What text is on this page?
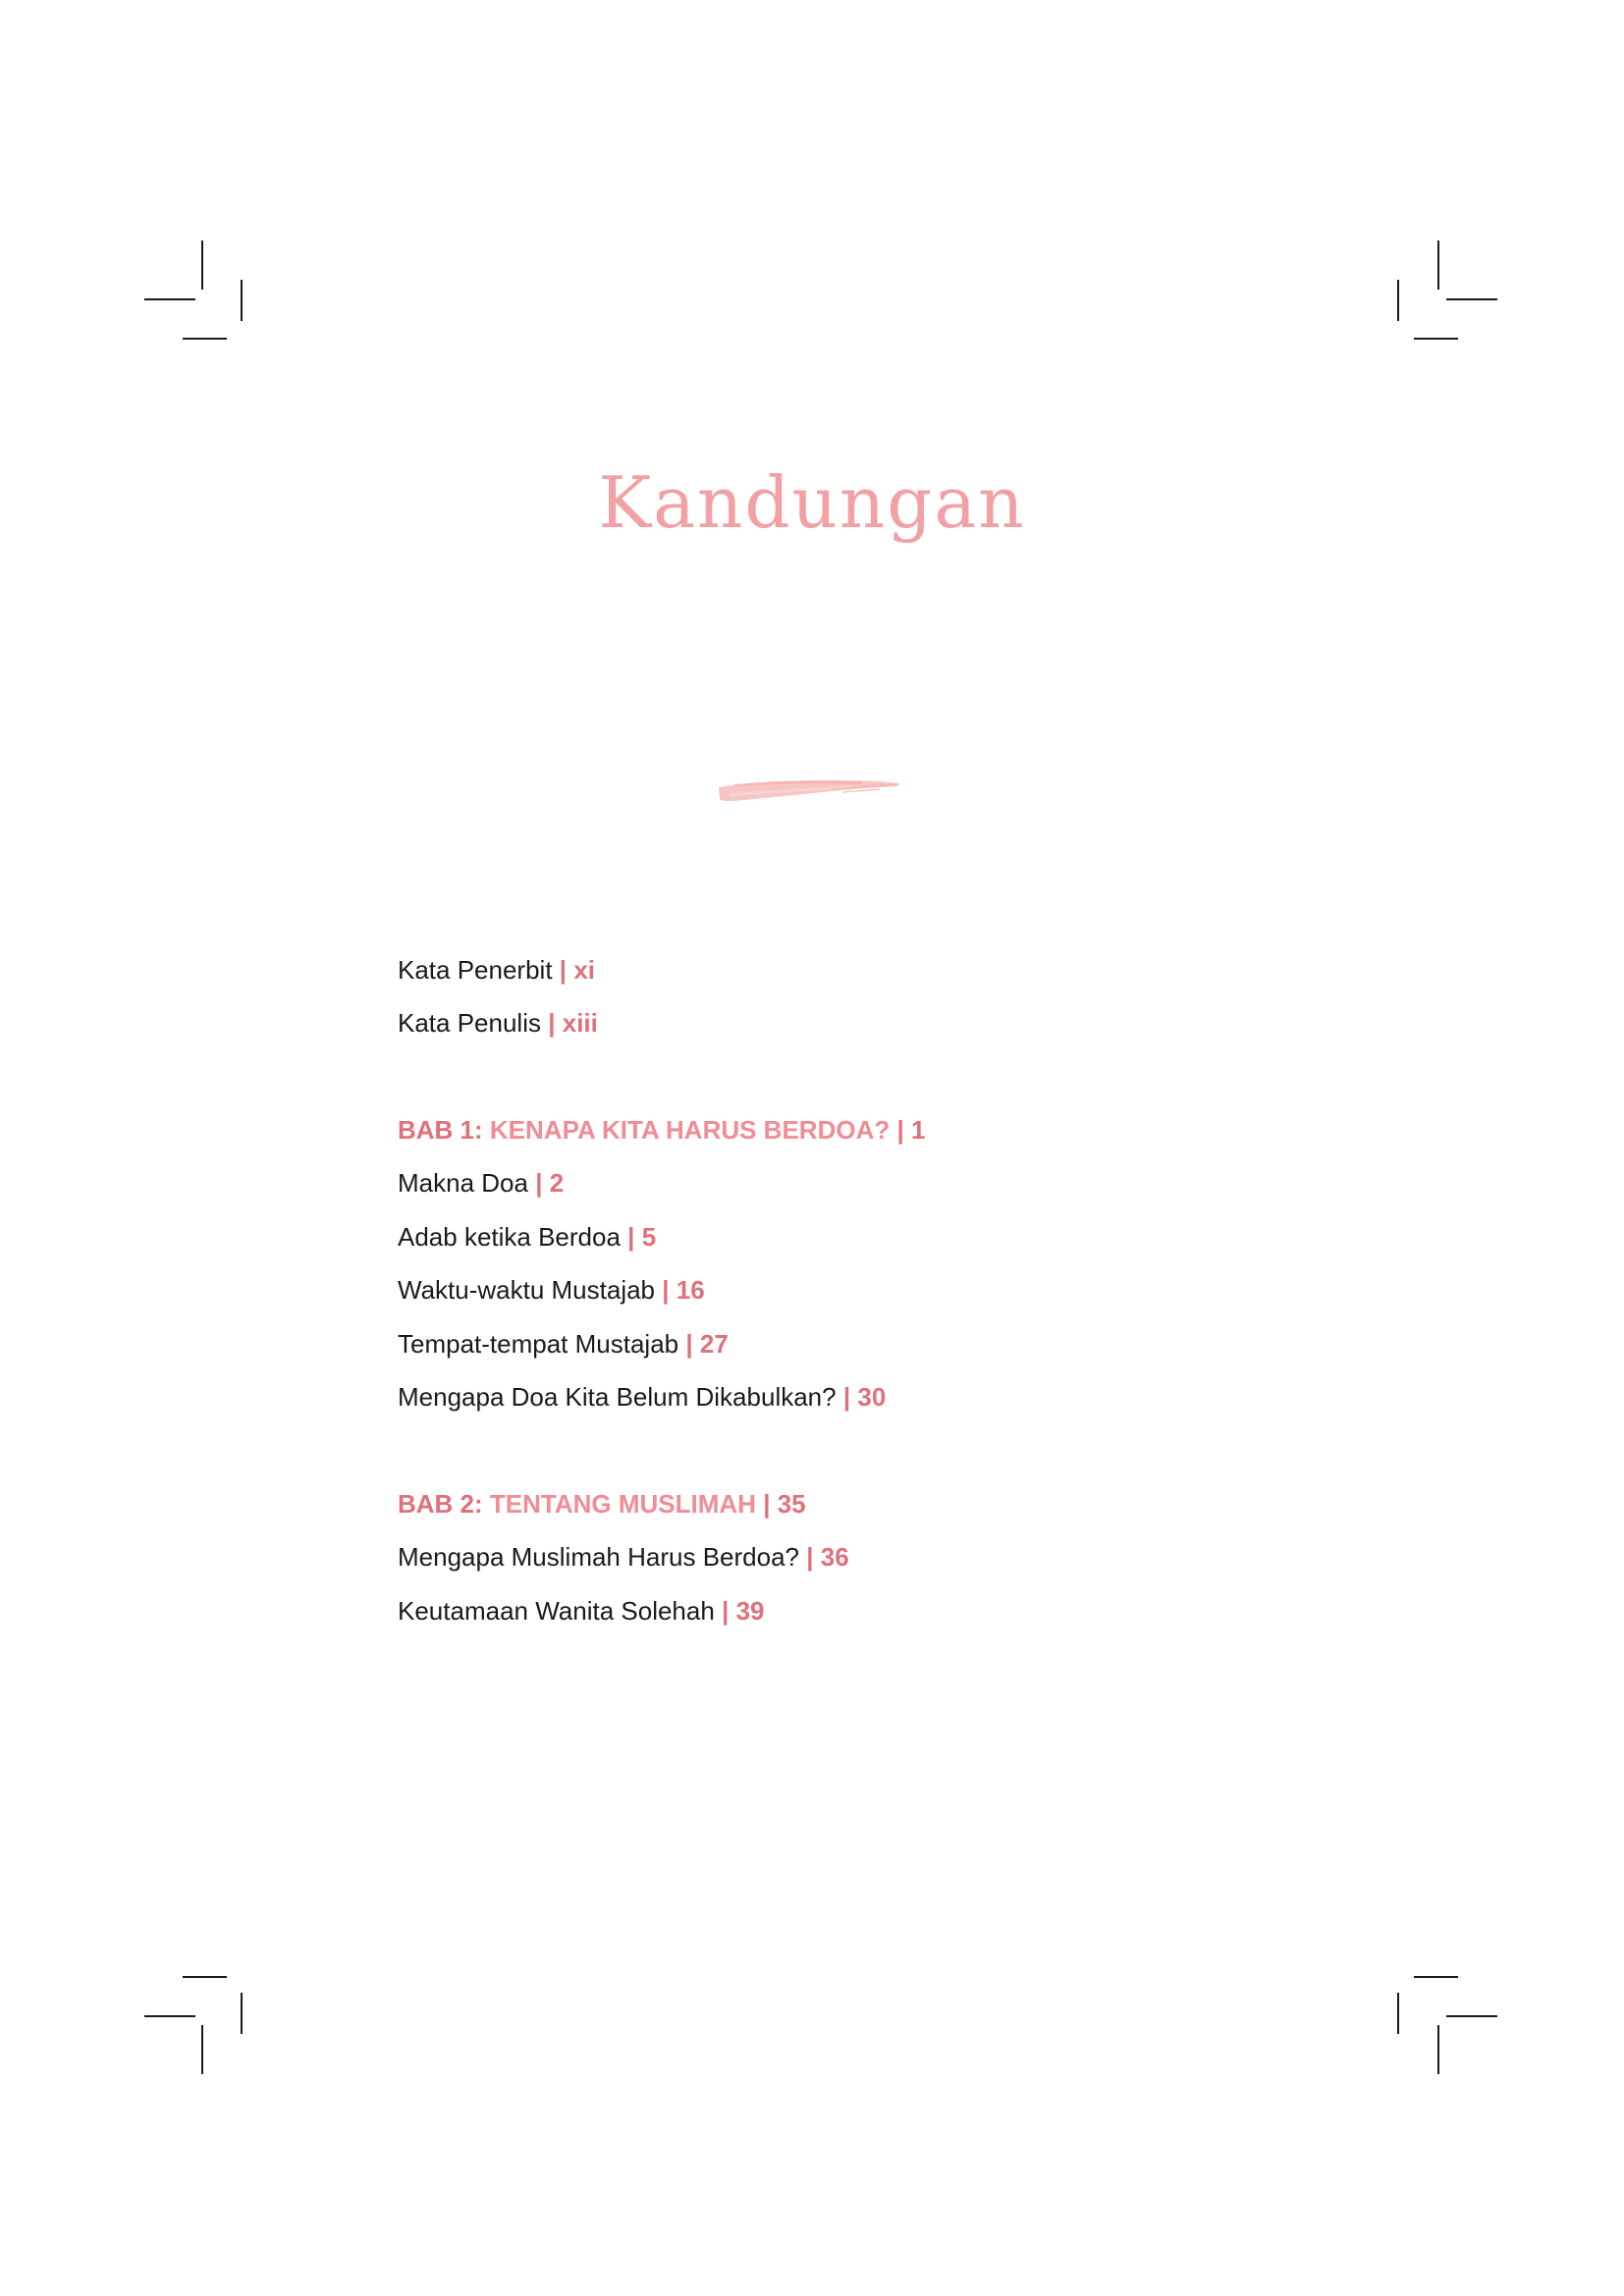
Kandungan
Kata Penerbit | xi
Kata Penulis | xiii
BAB 1: KENAPA KITA HARUS BERDOA? | 1
Makna Doa | 2
Adab ketika Berdoa | 5
Waktu-waktu Mustajab | 16
Tempat-tempat Mustajab | 27
Mengapa Doa Kita Belum Dikabulkan? | 30
BAB 2: TENTANG MUSLIMAH | 35
Mengapa Muslimah Harus Berdoa? | 36
Keutamaan Wanita Solehah | 39
